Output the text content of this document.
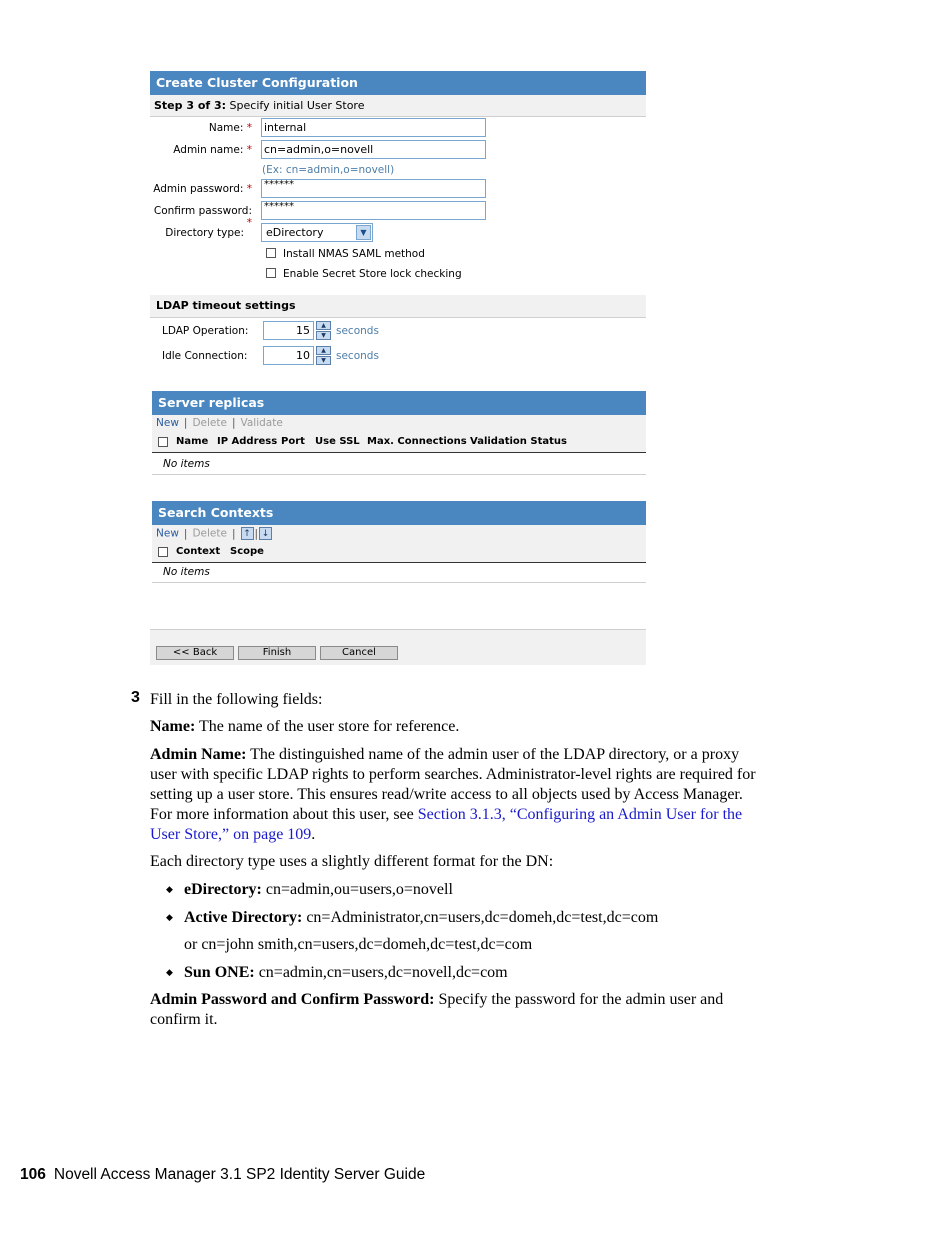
Create Cluster Configuration
Step 3 of 3: Specify initial User Store
Name: * internal
Admin name: * cn=admin,o=novell
(Ex: cn=admin,o=novell)
Admin password: *	******
Confirm password: *
******
Directory type:	eDirectory	▼
Install NMAS SAML method
Enable Secret Store lock checking
LDAP timeout settings
LDAP Operation:	15	▲
▼ seconds
Idle Connection:	10	▲
▼ seconds
Server replicas
New | Delete | Validate
Name IP Address Port Use SSL Max. Connections Validation Status
No items
Search Contexts
New | Delete | ↑ | ↓
Context Scope
No items
<< Back	Finish	Cancel
3 Fill in the following fields:
Name: The name of the user store for reference.
Admin Name: The distinguished name of the admin user of the LDAP directory, or a proxy
user with specific LDAP rights to perform searches. Administrator-level rights are required for
setting up a user store. This ensures read/write access to all objects used by Access Manager.
For more information about this user, see Section 3.1.3, “Configuring an Admin User for the
User Store,” on page 109.
Each directory type uses a slightly different format for the DN:
◆ eDirectory: cn=admin,ou=users,o=novell
◆ Active Directory: cn=Administrator,cn=users,dc=domeh,dc=test,dc=com
or cn=john smith,cn=users,dc=domeh,dc=test,dc=com
◆ Sun ONE: cn=admin,cn=users,dc=novell,dc=com
Admin Password and Confirm Password: Specify the password for the admin user and
confirm it.
106 Novell Access Manager 3.1 SP2 Identity Server Guide
